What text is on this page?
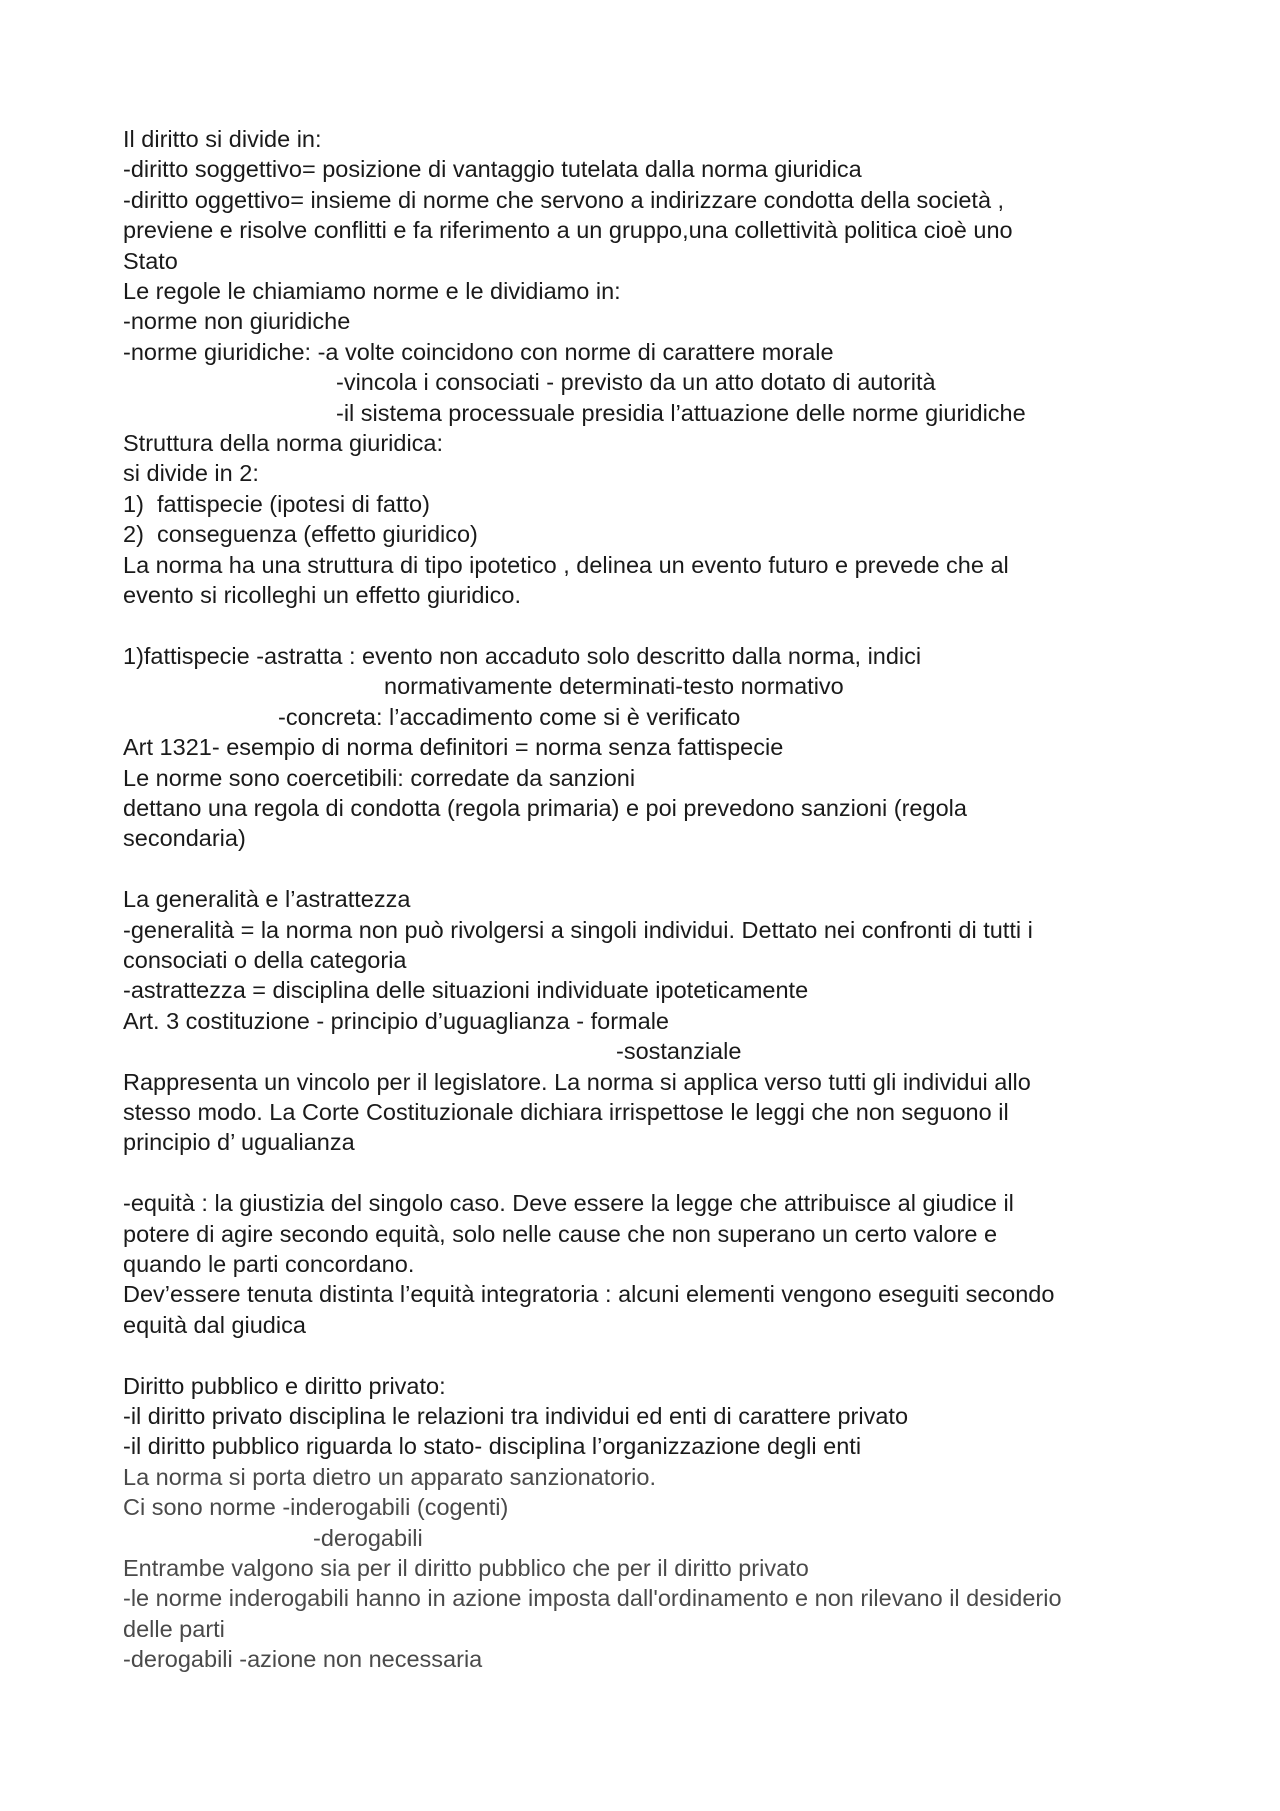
Il diritto si divide in:
-diritto soggettivo= posizione di vantaggio tutelata dalla norma giuridica
-diritto oggettivo= insieme di norme che servono a indirizzare condotta della società ,
previene e risolve conflitti e fa riferimento a un gruppo,una collettività politica cioè uno
Stato
Le regole le chiamiamo norme e le dividiamo in:
-norme non giuridiche
-norme giuridiche: -a volte coincidono con norme di carattere morale
-vincola i consociati - previsto da un atto dotato di autorità
-il sistema processuale presidia l’attuazione delle norme giuridiche
Struttura della norma giuridica:
si divide in 2:
1)  fattispecie (ipotesi di fatto)
2)  conseguenza (effetto giuridico)
La norma ha una struttura di tipo ipotetico , delinea un evento futuro e prevede che al
evento si ricolleghi un effetto giuridico.
1)fattispecie -astratta : evento non accaduto solo descritto dalla norma, indici
normativamente determinati-testo normativo
-concreta: l’accadimento come si è verificato
Art 1321- esempio di norma definitori = norma senza fattispecie
Le norme sono coercetibili: corredate da sanzioni
dettano una regola di condotta (regola primaria) e poi prevedono sanzioni (regola
secondaria)
La generalità e l’astrattezza
-generalità = la norma non può rivolgersi a singoli individui. Dettato nei confronti di tutti i
consociati o della categoria
-astrattezza = disciplina delle situazioni individuate ipoteticamente
Art. 3 costituzione - principio d’uguaglianza - formale
-sostanziale
Rappresenta un vincolo per il legislatore. La norma si applica verso tutti gli individui allo
stesso modo. La Corte Costituzionale dichiara irrispettose le leggi che non seguono il
principio d’ ugualianza
-equità : la giustizia del singolo caso. Deve essere la legge che attribuisce al giudice il
potere di agire secondo equità, solo nelle cause che non superano un certo valore e
quando le parti concordano.
Dev’essere tenuta distinta l’equità integratoria : alcuni elementi vengono eseguiti secondo
equità dal giudica
Diritto pubblico e diritto privato:
-il diritto privato disciplina le relazioni tra individui ed enti di carattere privato
-il diritto pubblico riguarda lo stato- disciplina l’organizzazione degli enti
La norma si porta dietro un apparato sanzionatorio.
Ci sono norme -inderogabili (cogenti)
-derogabili
Entrambe valgono sia per il diritto pubblico che per il diritto privato
-le norme inderogabili hanno in azione imposta dall'ordinamento e non rilevano il desiderio
delle parti
-derogabili -azione non necessaria
